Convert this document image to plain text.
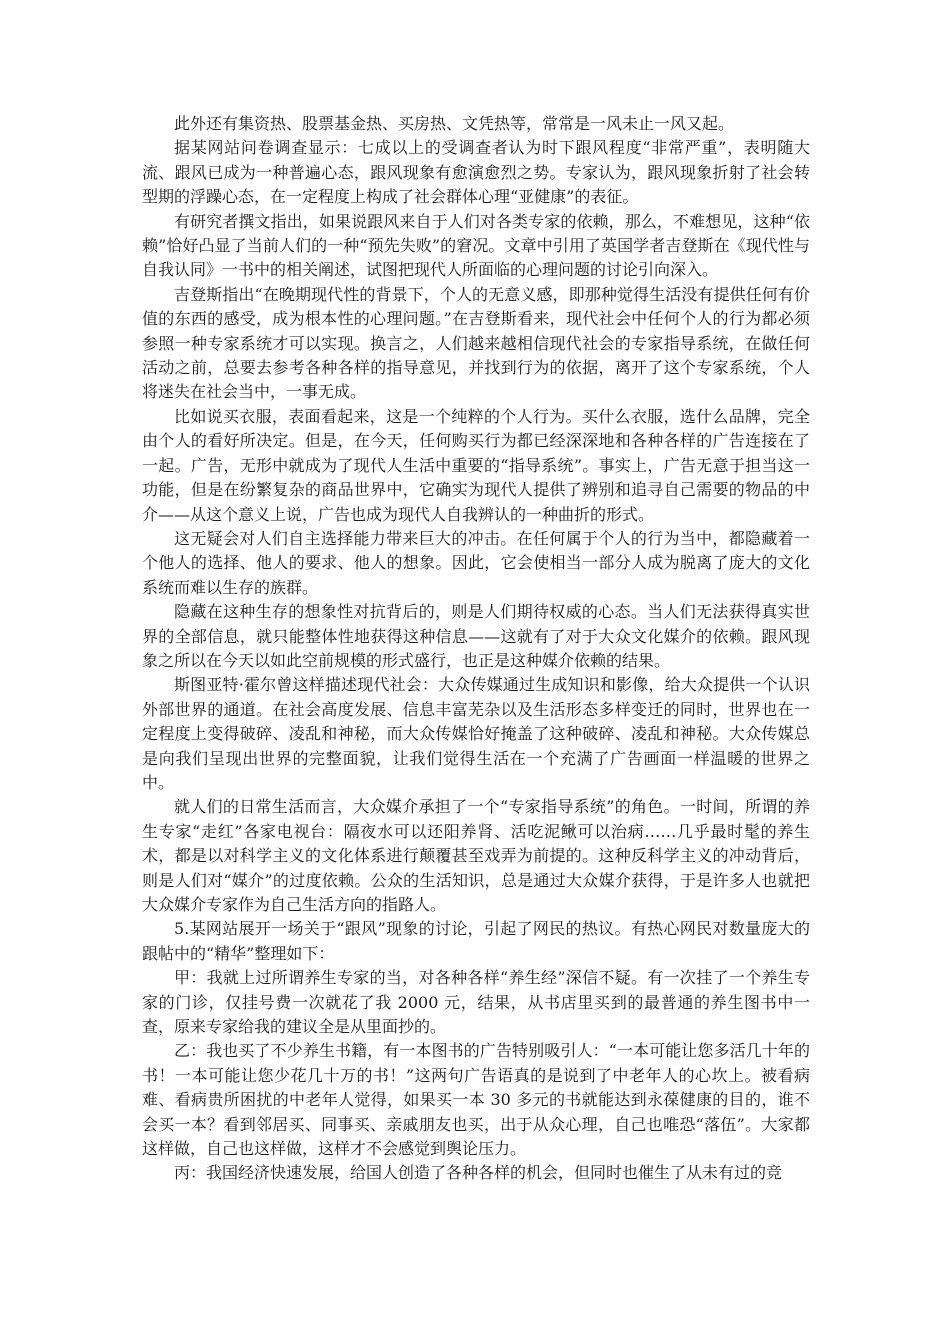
此外还有集资热、股票基金热、买房热、文凭热等，常常是一风未止一风又起。

据某网站问卷调查显示：七成以上的受调查者认为时下跟风程度“非常严重”，表明随大流、跟风已成为一种普遍心态，跟风现象有愈演愈烈之势。专家认为，跟风现象折射了社会转型期的浮躁心态，在一定程度上构成了社会群体心理“亚健康”的表征。

有研究者撰文指出，如果说跟风来自于人们对各类专家的依赖，那么，不难想见，这种“依赖”恰好凸显了当前人们的一种“预先失败”的窘况。文章中引用了英国学者吉登斯在《现代性与自我认同》一书中的相关阐述，试图把现代人所面临的心理问题的讨论引向深入。

吉登斯指出“在晚期现代性的背景下，个人的无意义感，即那种觉得生活没有提供任何有价值的东西的感受，成为根本性的心理问题。”在吉登斯看来，现代社会中任何个人的行为都必须参照一种专家系统才可以实现。换言之，人们越来越相信现代社会的专家指导系统，在做任何活动之前，总要去参考各种各样的指导意见，并找到行为的依据，离开了这个专家系统，个人将迷失在社会当中，一事无成。

比如说买衣服，表面看起来，这是一个纯粹的个人行为。买什么衣服，选什么品牌，完全由个人的看好所决定。但是，在今天，任何购买行为都已经深深地和各种各样的广告连接在了一起。广告，无形中就成为了现代人生活中重要的“指导系统”。事实上，广告无意于担当这一功能，但是在纷繁复杂的商品世界中，它确实为现代人提供了辨别和追寻自己需要的物品的中介——从这个意义上说，广告也成为现代人自我辨认的一种曲折的形式。

这无疑会对人们自主选择能力带来巨大的冲击。在任何属于个人的行为当中，都隐藏着一个他人的选择、他人的要求、他人的想象。因此，它会使相当一部分人成为脱离了庞大的文化系统而难以生存的族群。

隐藏在这种生存的想象性对抗背后的，则是人们期待权威的心态。当人们无法获得真实世界的全部信息，就只能整体性地获得这种信息——这就有了对于大众文化媒介的依赖。跟风现象之所以在今天以如此空前规模的形式盛行，也正是这种媒介依赖的结果。

斯图亚特·霍尔曾这样描述现代社会：大众传媒通过生成知识和影像，给大众提供一个认识外部世界的通道。在社会高度发展、信息丰富芜杂以及生活形态多样变迁的同时，世界也在一定程度上变得破碎、凌乱和神秘，而大众传媒恰好掩盖了这种破碎、凌乱和神秘。大众传媒总是向我们呈现出世界的完整面貌，让我们觉得生活在一个充满了广告画面一样温暖的世界之中。

就人们的日常生活而言，大众媒介承担了一个“专家指导系统”的角色。一时间，所谓的养生专家“走红”各家电视台：隔夜水可以还阳养肾、活吃泥鳅可以治病……几乎最时髦的养生术，都是以对科学主义的文化体系进行颠覆甚至戏弄为前提的。这种反科学主义的冲动背后，则是人们对“媒介”的过度依赖。公众的生活知识，总是通过大众媒介获得，于是许多人也就把大众媒介专家作为自己生活方向的指路人。

5.某网站展开一场关于“跟风”现象的讨论，引起了网民的热议。有热心网民对数量庞大的跟帖中的“精华”整理如下：

甲：我就上过所谓养生专家的当，对各种各样“养生经”深信不疑。有一次挂了一个养生专家的门诊，仅挂号费一次就花了我 2000 元，结果，从书店里买到的最普通的养生图书中一查，原来专家给我的建议全是从里面抄的。

乙：我也买了不少养生书籍，有一本图书的广告特别吸引人：“一本可能让您多活几十年的书！一本可能让您少花几十万的书！”这两句广告语真的是说到了中老年人的心坎上。被看病难、看病贵所困扰的中老年人觉得，如果买一本 30 多元的书就能达到永葆健康的目的，谁不会买一本？看到邻居买、同事买、亲戚朋友也买，出于从众心理，自己也唯恐“落伍”。大家都这样做，自己也这样做，这样才不会感觉到舆论压力。

丙：我国经济快速发展，给国人创造了各种各样的机会，但同时也催生了从未有过的竞
